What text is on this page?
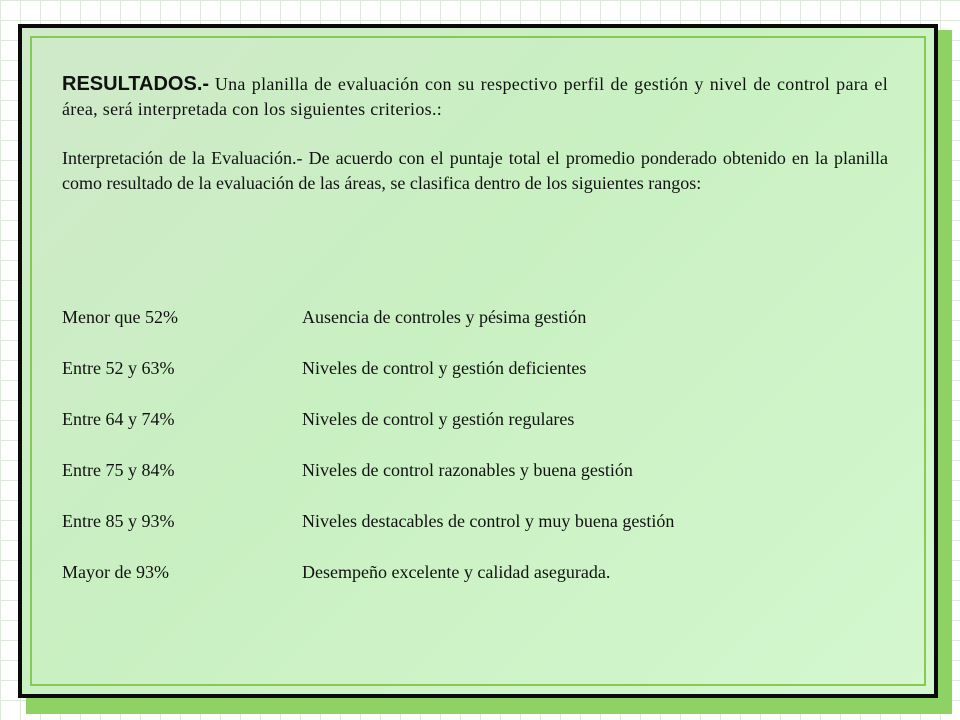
RESULTADOS.- Una planilla de evaluación con su respectivo perfil de gestión y nivel de control para el área, será interpretada con los siguientes criterios.:

Interpretación de la Evaluación.- De acuerdo con el puntaje total el promedio ponderado obtenido en la planilla como resultado de la evaluación de las áreas, se clasifica dentro de los siguientes rangos:

Menor que 52%	Ausencia de controles y pésima gestión
Entre 52 y 63%	Niveles de control y gestión deficientes
Entre 64 y 74%	Niveles de control y gestión regulares
Entre 75 y 84%	Niveles de control razonables y buena gestión
Entre 85 y 93%	Niveles destacables de control y muy buena gestión
Mayor de 93%	Desempeño excelente y calidad asegurada.
